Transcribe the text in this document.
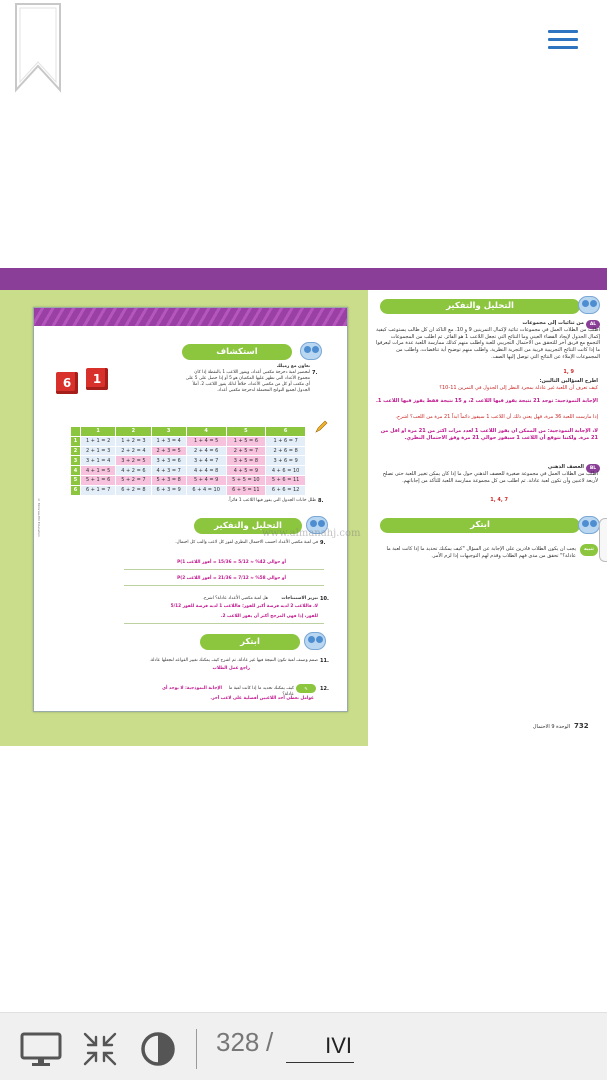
© McGraw-Hill Education
استكشاف
تعاون مع زميلك
7.
لتحضير لعبة دحرجة مكعبي أعداد، ويفوز اللاعب 1 بالنقطة إذا كان مجموع الأعداد التي تظهر عليها المكعبان هو 5 أو إذا حصل على 5 على أي مكعب أو كل من مكعبي الأعداد، خلافاً لذلك يفوز اللاعب 2. أملأ الجدول لجميع النواتج المحتملة لدحرجة مكعبي أعداد.
6	1
	1	2	3	4	5	6
1	1 + 1 = 2	1 + 2 = 3	1 + 3 = 4	1 + 4 = 5	1 + 5 = 6	1 + 6 = 7
2	2 + 1 = 3	2 + 2 = 4	2 + 3 = 5	2 + 4 = 6	2 + 5 = 7	2 + 6 = 8
3	3 + 1 = 4	3 + 2 = 5	3 + 3 = 6	3 + 4 = 7	3 + 5 = 8	3 + 6 = 9
4	4 + 1 = 5	4 + 2 = 6	4 + 3 = 7	4 + 4 = 8	4 + 5 = 9	4 + 6 = 10
5	5 + 1 = 6	5 + 2 = 7	5 + 3 = 8	5 + 4 = 9	5 + 5 = 10	5 + 6 = 11
6	6 + 1 = 7	6 + 2 = 8	6 + 3 = 9	6 + 4 = 10	6 + 5 = 11	6 + 6 = 12
8.
ظلل خانات الجدول التي يفوز فيها اللاعب 1 فائزاً.
التحليل والتفكير
9.
في لعبة مكعبي الأعداد احسب الاحتمال النظري لفوز كل لاعب والتب كل احتمال.
أو حوالي 42% ≈ 5/12 = 15/36 = أفوز اللاعب P(1
أو حوالي 58% ≈ 7/12 = 21/36 = أفوز اللاعب P(2
10.
تبرير الاستنتاجات
هل لعبة مكعبي الأعداد عادلة؟ اشرح.
لا، فاللاعب 2 لديه فرصة أكبر للفوز؛ فاللاعب 1 لديه فرصة للفوز 5/12
للفوز، إذا فهي المرجح أكثر أن يفوز اللاعب 2.
ابتكر
11.
صمم وصنف لعبة تكون النتيجة فيها غير عادلة، ثم اشرح كيف يمكنك تغيير القواعد لتجعلها عادلة.
راجع عمل الطلاب
12.
✎
كيف يمكنك تحديد ما إذا كانت لعبة ما عادلة؟
الإجابة النموذجية: لا يوجد أي
عوامل تعطي أحد اللاعبين أفضلية على لاعب آخر.
التحليل والتفكير
AL
من ثنائيات إلى مجموعات
اطلب من الطلاب العمل في مجموعات ثنائية لإكمال التمرينين 9 و 10. مع التأكد أن كل طالب يستوعب كيفية إكمال الجدول لإيجاد الفضاء العيني وما النتائج التي تجعل اللاعب 1 هو الفائز. ثم اطلب من المجموعات التجمع مع فريق آخر للتحقق من الاحتمال التجريبي للعبة واطلب منهم كذلك ممارسة اللعبة عدة مرات ليعرفوا ما إذا كانت النتائج التجريبية قريبة من التجربة النظرية. واطلب منهم توضيح أية تناقضات، واطلب من المجموعات الإملاء عن النتائج التي توصل إليها الصف.
9 ,1
اطرح السؤالين التاليين:
كيف تعرف أن اللعبة غير عادلة بمجرد النظر إلى الجدول في التمرين 11-10؟
الإجابة النموذجية: توجد 21 نتيجة يفوز فيها اللاعب 2، و 15 نتيجة فقط يفوز فيها اللاعب 1.
إذا مارست اللعبة 36 مرة، فهل يعني ذلك أن اللاعب 1 سيفوز دائماً ابداً 21 مرة من اللعب؟ اشرح.
لا، الإجابة النموذجية: من الممكن أن يفوز اللاعب 1 لعدد مرات أكثر من 21 مرة أو أقل من 21 مرة. ولكننا نتوقع أن اللاعب 1 سيفوز حوالي 21 مرة وفق الاحتمال النظري.
BL
العصف الذهني
اطلب من الطلاب العمل في مجموعة صغيرة للعصف الذهني حول ما إذا كان يمكن تغيير اللعبة حتى تصلح لأربعة لاعبين وأن تكون لعبة عادلة. ثم اطلب من كل مجموعة ممارسة اللعبة للتأكد من إجاباتهم.
7 ,4 ,1
ابتكر
تنبيه
يجب أن يكون الطلاب قادرين على الإجابة عن السؤال "كيف يمكنك تحديد ما إذا كانت لعبة ما عادلة؟" تحقق من مدى فهم الطلاب وقدم لهم التوجيهات إذا لزم الأمر.
732
الوحدة 9 الاحتمال
www.almanahj.com
328 /
IVI
